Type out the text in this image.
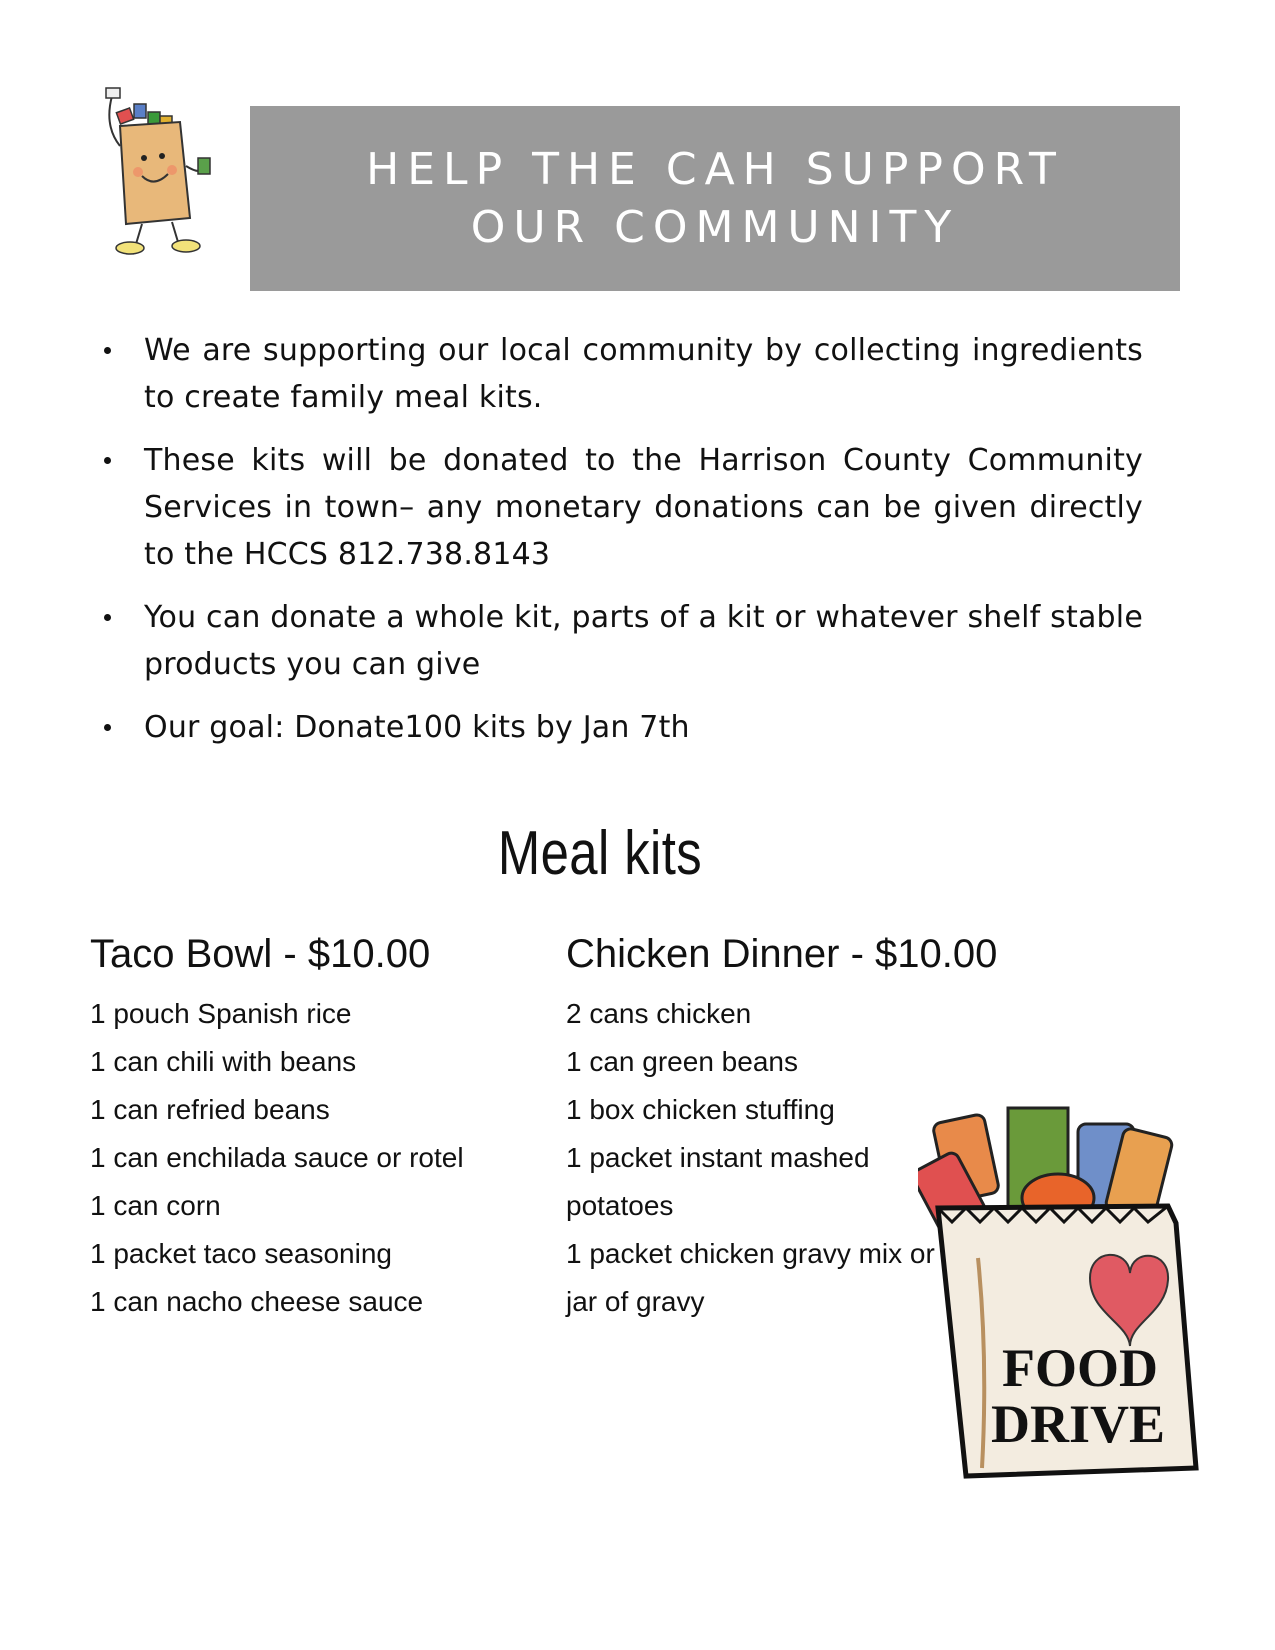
HELP THE CAH SUPPORT OUR COMMUNITY
We are supporting our local community by collecting ingredients to create family meal kits.
These kits will be donated to the Harrison County Community Services in town– any monetary donations can be given directly to the HCCS 812.738.8143
You can donate a whole kit, parts of a kit or whatever shelf stable products you can give
Our goal: Donate100 kits by Jan 7th
Meal kits
Taco Bowl - $10.00
1 pouch Spanish rice
1 can chili with beans
1 can refried beans
1 can enchilada sauce or rotel
1 can corn
1 packet taco seasoning
1 can nacho cheese sauce
Chicken Dinner - $10.00
2 cans chicken
1 can green beans
1 box chicken stuffing
1 packet instant mashed potatoes
1 packet chicken gravy mix or jar of gravy
FOOD
DRIVE
